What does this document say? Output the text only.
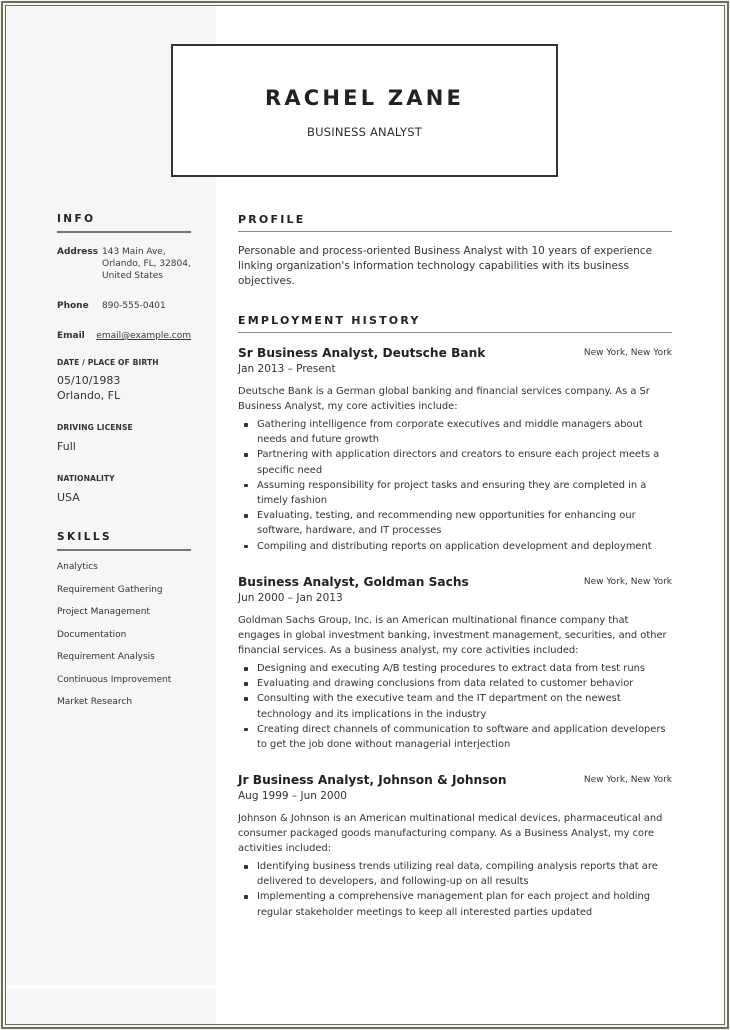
RACHEL ZANE
BUSINESS ANALYST
INFO
Address 143 Main Ave, Orlando, FL, 32804, United States
Phone	890-555-0401
Email	email@example.com
DATE / PLACE OF BIRTH
05/10/1983
Orlando, FL
DRIVING LICENSE
Full
NATIONALITY
USA
SKILLS
Analytics
Requirement Gathering
Project Management
Documentation
Requirement Analysis
Continuous Improvement
Market Research
PROFILE
Personable and process-oriented Business Analyst with 10 years of experience linking organization's information technology capabilities with its business objectives.
EMPLOYMENT HISTORY
Sr Business Analyst, Deutsche Bank	New York, New York
Jan 2013 – Present
Deutsche Bank is a German global banking and financial services company. As a Sr Business Analyst, my core activities include:
Gathering intelligence from corporate executives and middle managers about needs and future growth
Partnering with application directors and creators to ensure each project meets a specific need
Assuming responsibility for project tasks and ensuring they are completed in a timely fashion
Evaluating, testing, and recommending new opportunities for enhancing our software, hardware, and IT processes
Compiling and distributing reports on application development and deployment
Business Analyst, Goldman Sachs	New York, New York
Jun 2000 – Jan 2013
Goldman Sachs Group, Inc. is an American multinational finance company that engages in global investment banking, investment management, securities, and other financial services. As a business analyst, my core activities included:
Designing and executing A/B testing procedures to extract data from test runs
Evaluating and drawing conclusions from data related to customer behavior
Consulting with the executive team and the IT department on the newest technology and its implications in the industry
Creating direct channels of communication to software and application developers to get the job done without managerial interjection
Jr Business Analyst, Johnson & Johnson	New York, New York
Aug 1999 – Jun 2000
Johnson & Johnson is an American multinational medical devices, pharmaceutical and consumer packaged goods manufacturing company. As a Business Analyst, my core activities included:
Identifying business trends utilizing real data, compiling analysis reports that are delivered to developers, and following-up on all results
Implementing a comprehensive management plan for each project and holding regular stakeholder meetings to keep all interested parties updated
